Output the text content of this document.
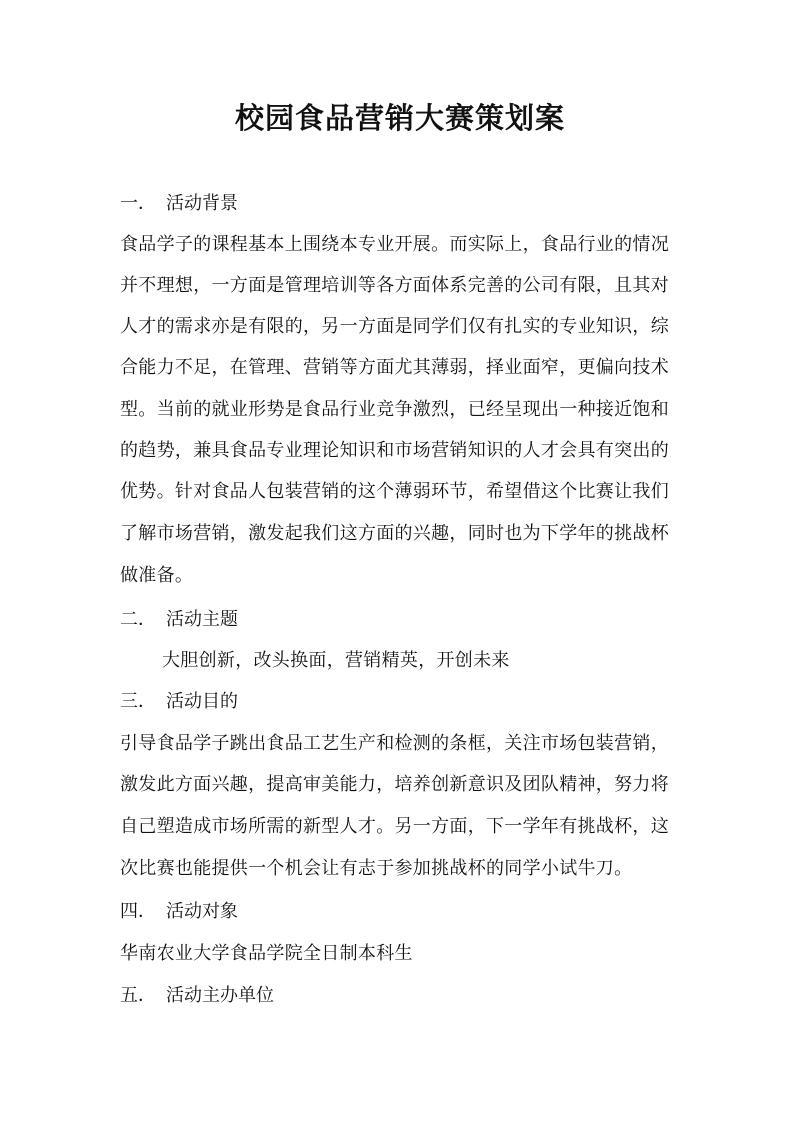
校园食品营销大赛策划案
一． 活动背景
食品学子的课程基本上围绕本专业开展。而实际上，食品行业的情况
并不理想，一方面是管理培训等各方面体系完善的公司有限，且其对
人才的需求亦是有限的，另一方面是同学们仅有扎实的专业知识，综
合能力不足，在管理、营销等方面尤其薄弱，择业面窄，更偏向技术
型。当前的就业形势是食品行业竞争激烈，已经呈现出一种接近饱和
的趋势，兼具食品专业理论知识和市场营销知识的人才会具有突出的
优势。针对食品人包装营销的这个薄弱环节，希望借这个比赛让我们
了解市场营销，激发起我们这方面的兴趣，同时也为下学年的挑战杯
做准备。
二． 活动主题
大胆创新，改头换面，营销精英，开创未来
三． 活动目的
引导食品学子跳出食品工艺生产和检测的条框，关注市场包装营销，
激发此方面兴趣，提高审美能力，培养创新意识及团队精神，努力将
自己塑造成市场所需的新型人才。另一方面，下一学年有挑战杯，这
次比赛也能提供一个机会让有志于参加挑战杯的同学小试牛刀。
四． 活动对象
华南农业大学食品学院全日制本科生
五． 活动主办单位
